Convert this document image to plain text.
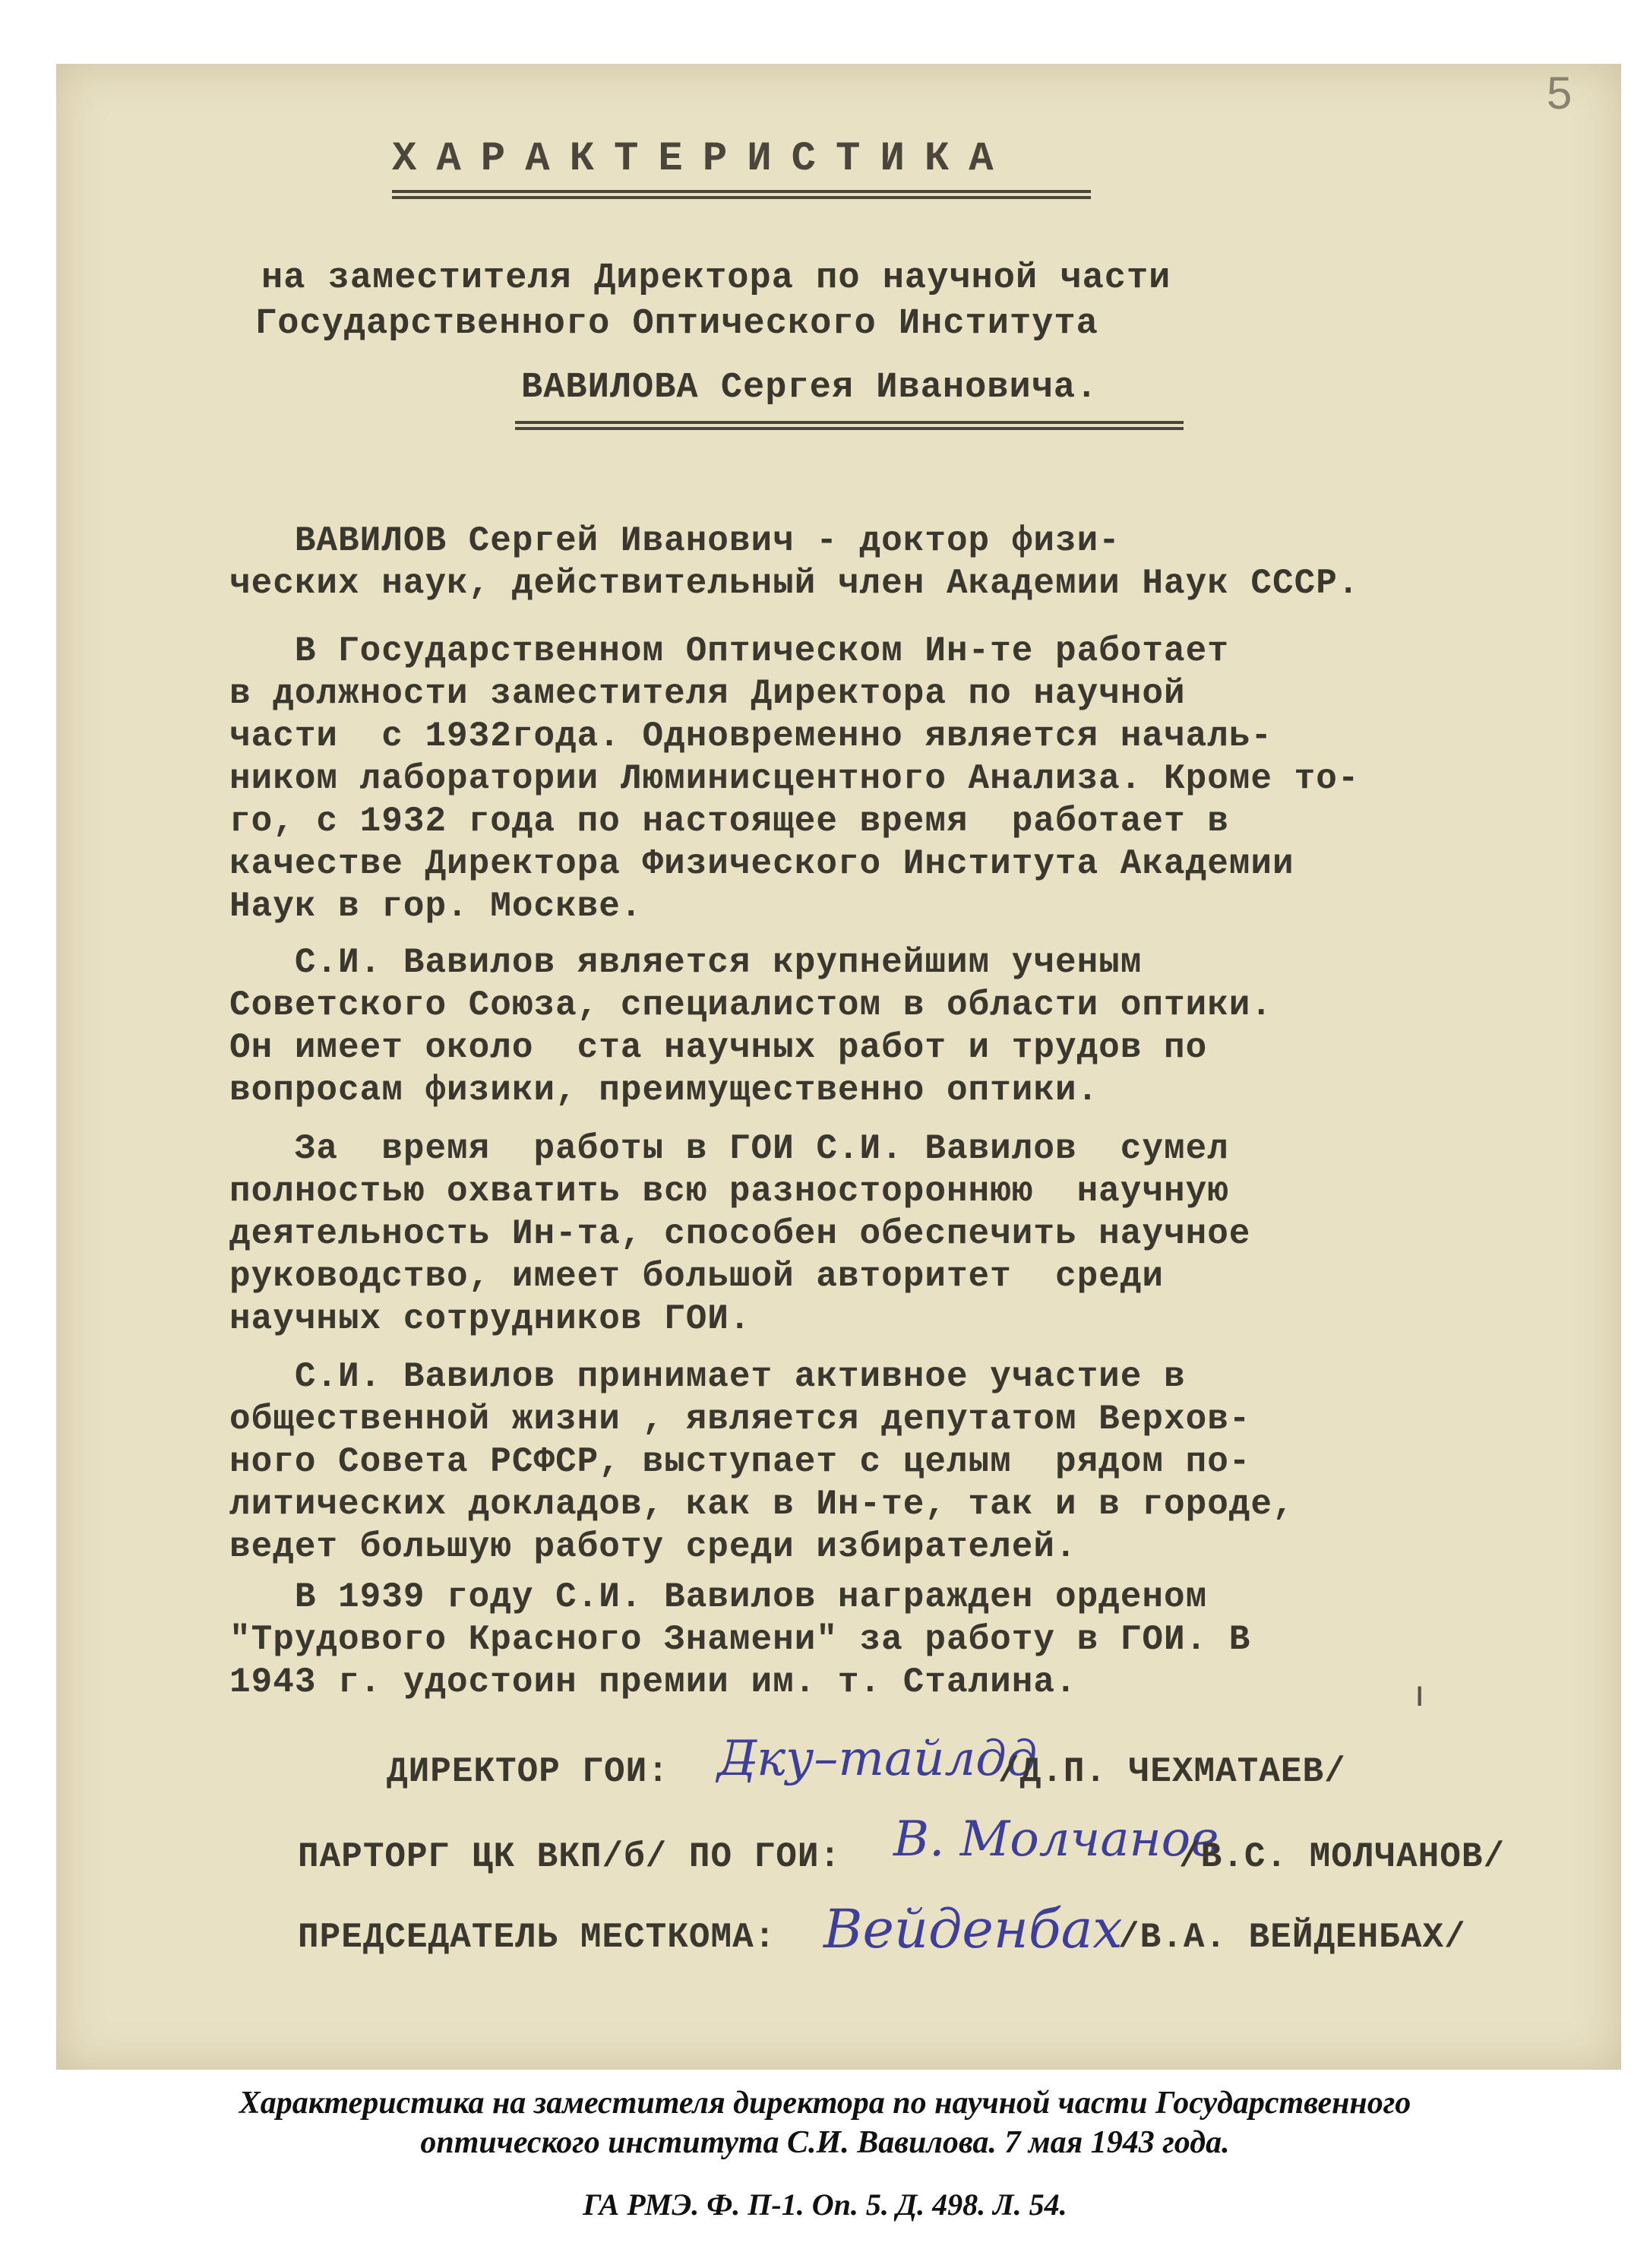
ХАРАКТЕРИСТИКА
на заместителя Директора по научной части
Государственного Оптического Института
ВАВИЛОВА Сергея Ивановича.
ВАВИЛОВ Сергей Иванович - доктор физи-
ческих наук, действительный член Академии Наук СССР.
В Государственном Оптическом Ин-те работает
в должности заместителя Директора по научной
части  с 1932года. Одновременно является началь-
ником лаборатории Люминисцентного Анализа. Кроме то-
го, с 1932 года по настоящее время  работает в
качестве Директора Физического Института Академии
Наук в гор. Москве.
С.И. Вавилов является крупнейшим ученым
Советского Союза, специалистом в области оптики.
Он имеет около  ста научных работ и трудов по
вопросам физики, преимущественно оптики.
За  время  работы в ГОИ С.И. Вавилов  сумел
полностью охватить всю разностороннюю  научную
деятельность Ин-та, способен обеспечить научное
руководство, имеет большой авторитет  среди
научных сотрудников ГОИ.
С.И. Вавилов принимает активное участие в
общественной жизни , является депутатом Верхов-
ного Совета РСФСР, выступает с целым  рядом по-
литических докладов, как в Ин-те, так и в городе,
ведет большую работу среди избирателей.
В 1939 году С.И. Вавилов награжден орденом
"Трудового Красного Знамени" за работу в ГОИ. В
1943 г. удостоин премии им. т. Сталина.
ДИРЕКТОР ГОИ: Д̶ку–тайлдд
/Д.П. ЧЕХМАТАЕВ/
ПАРТОРГ ЦК ВКП/б/ ПО ГОИ: В. Молчанов
/В.С. МОЛЧАНОВ/
ПРЕДСЕДАТЕЛЬ МЕСТКОМА: Вейденбах
/В.А. ВЕЙДЕНБАХ/
5
ı
Характеристика на заместителя директора по научной части Государственного
оптического института С.И. Вавилова. 7 мая 1943 года.
ГА РМЭ. Ф. П-1. Оп. 5. Д. 498. Л. 54.
